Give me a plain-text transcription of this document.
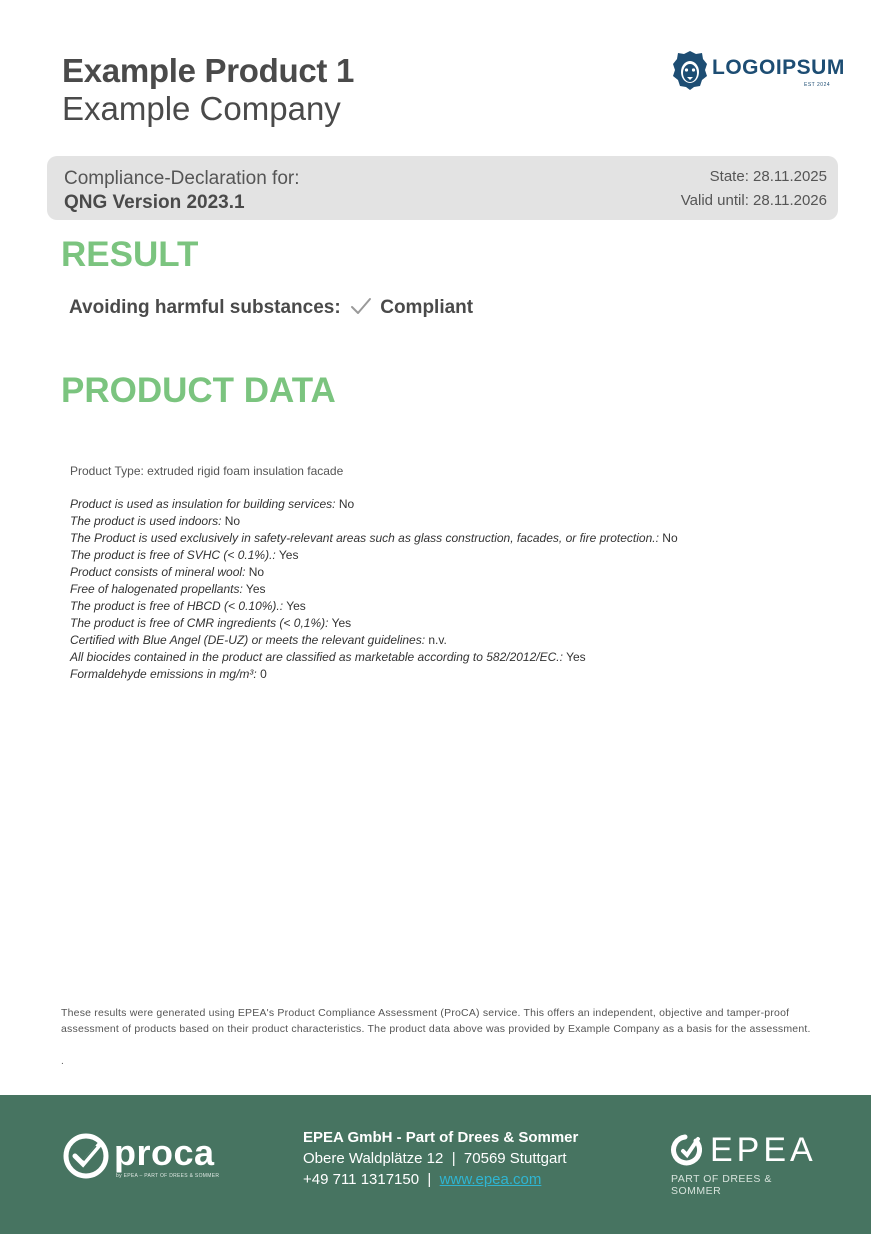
Example Product 1
Example Company
LOGOIPSUM
EST 2024
Compliance-Declaration for:
QNG Version 2023.1
State: 28.11.2025
Valid until: 28.11.2026
RESULT
Avoiding harmful substances: Compliant
PRODUCT DATA
Product Type: extruded rigid foam insulation facade
Product is used as insulation for building services: No
The product is used indoors: No
The Product is used exclusively in safety-relevant areas such as glass construction, facades, or fire protection.: No
The product is free of SVHC (< 0.1%).: Yes
Product consists of mineral wool: No
Free of halogenated propellants: Yes
The product is free of HBCD (< 0.10%).: Yes
The product is free of CMR ingredients (< 0,1%): Yes
Certified with Blue Angel (DE-UZ) or meets the relevant guidelines: n.v.
All biocides contained in the product are classified as marketable according to 582/2012/EC.: Yes
Formaldehyde emissions in mg/m³: 0

These results were generated using EPEA's Product Compliance Assessment (ProCA) service. This offers an independent, objective and tamper-proof assessment of products based on their product characteristics. The product data above was provided by Example Company as a basis for the assessment.

.
proca
by EPEA – PART OF DREES & SOMMER
EPEA GmbH - Part of Drees & Sommer
Obere Waldplätze 12  |  70569 Stuttgart
+49 711 1317150  |  www.epea.com
EPEA
PART OF DREES & SOMMER
